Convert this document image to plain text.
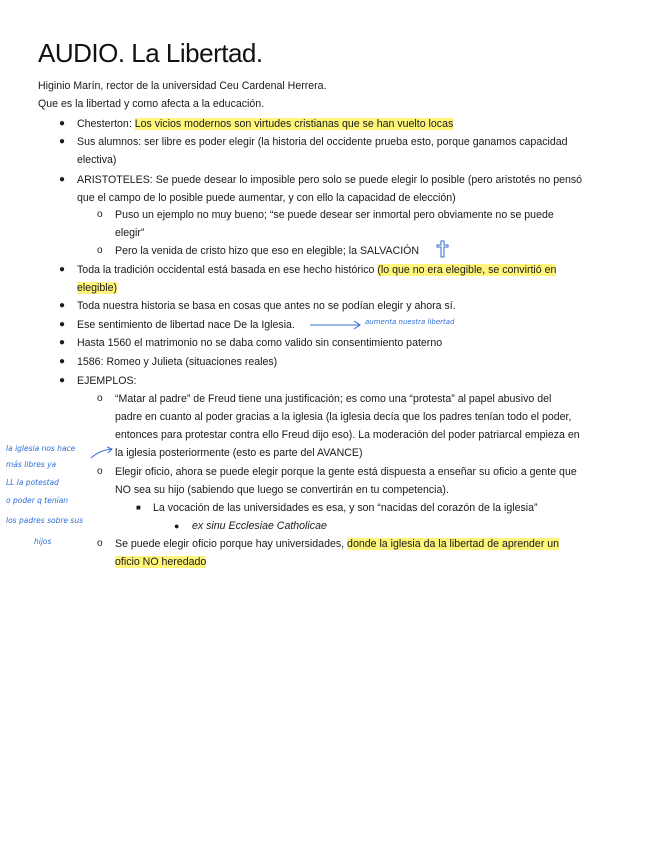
AUDIO. La Libertad.
Higinio Marín, rector de la universidad Ceu Cardenal Herrera.
Que es la libertad y como afecta a la educación.
● Chesterton: Los vicios modernos son virtudes cristianas que se han vuelto locas
● Sus alumnos: ser libre es poder elegir (la historia del occidente prueba esto, porque ganamos capacidad
electiva)
● ARISTOTELES: Se puede desear lo imposible pero solo se puede elegir lo posible (pero aristotés no pensó
que el campo de lo posible puede aumentar, y con ello la capacidad de elección)
o Puso un ejemplo no muy bueno; “se puede desear ser inmortal pero obviamente no se puede
elegir”
o Pero la venida de cristo hizo que eso en elegible; la SALVACIÓN
● Toda la tradición occidental está basada en ese hecho histórico (lo que no era elegible, se convirtió en
elegible)
● Toda nuestra historia se basa en cosas que antes no se podían elegir y ahora sí.
● Ese sentimiento de libertad nace De la Iglesia.	aumenta nuestra libertad
● Hasta 1560 el matrimonio no se daba como valido sin consentimiento paterno
● 1586: Romeo y Julieta (situaciones reales)
● EJEMPLOS:
o “Matar al padre” de Freud tiene una justificación; es como una “protesta” al papel abusivo del
padre en cuanto al poder gracias a la iglesia (la iglesia decía que los padres tenían todo el poder,
entonces para protestar contra ello Freud dijo eso). La moderación del poder patriarcal empieza en
la iglesia posteriormente (esto es parte del AVANCE)
o Elegir oficio, ahora se puede elegir porque la gente está dispuesta a enseñar su oficio a gente que
NO sea su hijo (sabiendo que luego se convertirán en tu competencia).
■ La vocación de las universidades es esa, y son “nacidas del corazón de la iglesia”
● ex sinu Ecclesiae Catholicae
o Se puede elegir oficio porque hay universidades, donde la iglesia da la libertad de aprender un
oficio NO heredado
la iglesia nos hace
más libres ya
LL la potestad
o poder q tenían
los padres sobre sus
hijos
